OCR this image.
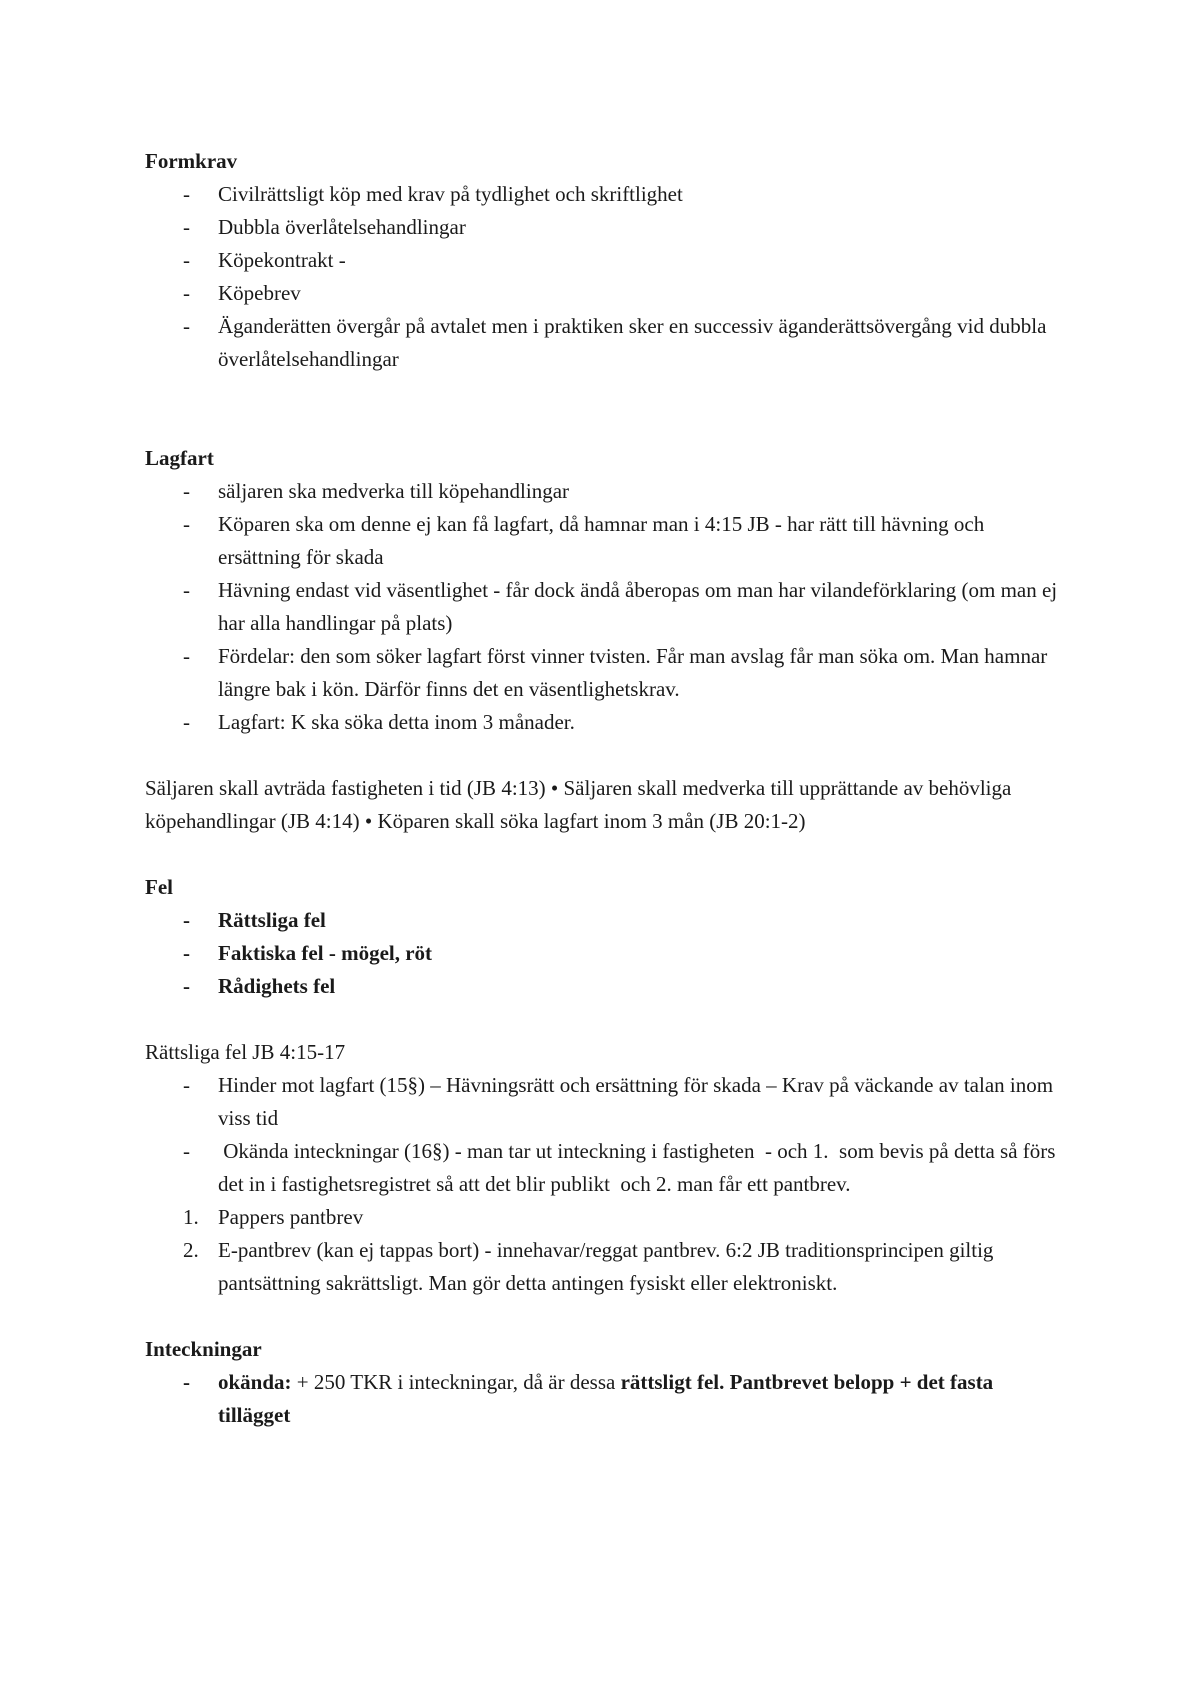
Formkrav

- Civilrättsligt köp med krav på tydlighet och skriftlighet
- Dubbla överlåtelsehandlingar
- Köpekontrakt -
- Köpebrev
- Äganderätten övergår på avtalet men i praktiken sker en successiv äganderättsövergång vid dubbla överlåtelsehandlingar

Lagfart

- säljaren ska medverka till köpehandlingar
- Köparen ska om denne ej kan få lagfart, då hamnar man i 4:15 JB - har rätt till hävning och ersättning för skada
- Hävning endast vid väsentlighet - får dock ändå åberopas om man har vilandeförklaring (om man ej har alla handlingar på plats)
- Fördelar: den som söker lagfart först vinner tvisten. Får man avslag får man söka om. Man hamnar längre bak i kön. Därför finns det en väsentlighetskrav.
- Lagfart: K ska söka detta inom 3 månader.

Säljaren skall avträda fastigheten i tid (JB 4:13) • Säljaren skall medverka till upprättande av behövliga köpehandlingar (JB 4:14) • Köparen skall söka lagfart inom 3 mån (JB 20:1-2)

Fel

- Rättsliga fel
- Faktiska fel - mögel, röt
- Rådighets fel

Rättsliga fel JB 4:15-17

- Hinder mot lagfart (15§) – Hävningsrätt och ersättning för skada – Krav på väckande av talan inom viss tid
- Okända inteckningar (16§) - man tar ut inteckning i fastigheten  - och 1.  som bevis på detta så förs det in i fastighetsregistret så att det blir publikt  och 2. man får ett pantbrev.
1. Pappers pantbrev
2. E-pantbrev (kan ej tappas bort) - innehavar/reggat pantbrev. 6:2 JB traditionsprincipen giltig pantsättning sakrättsligt. Man gör detta antingen fysiskt eller elektroniskt.

Inteckningar

- okända: + 250 TKR i inteckningar, då är dessa rättsligt fel. Pantbrevet belopp + det fasta tillägget
